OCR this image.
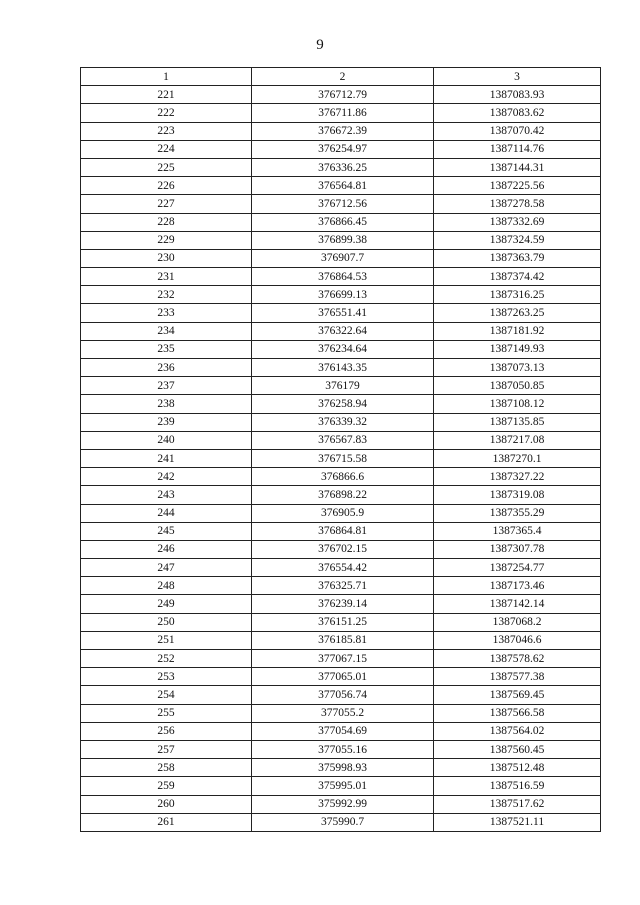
9
1	2	3
221	376712.79	1387083.93
222	376711.86	1387083.62
223	376672.39	1387070.42
224	376254.97	1387114.76
225	376336.25	1387144.31
226	376564.81	1387225.56
227	376712.56	1387278.58
228	376866.45	1387332.69
229	376899.38	1387324.59
230	376907.7	1387363.79
231	376864.53	1387374.42
232	376699.13	1387316.25
233	376551.41	1387263.25
234	376322.64	1387181.92
235	376234.64	1387149.93
236	376143.35	1387073.13
237	376179	1387050.85
238	376258.94	1387108.12
239	376339.32	1387135.85
240	376567.83	1387217.08
241	376715.58	1387270.1
242	376866.6	1387327.22
243	376898.22	1387319.08
244	376905.9	1387355.29
245	376864.81	1387365.4
246	376702.15	1387307.78
247	376554.42	1387254.77
248	376325.71	1387173.46
249	376239.14	1387142.14
250	376151.25	1387068.2
251	376185.81	1387046.6
252	377067.15	1387578.62
253	377065.01	1387577.38
254	377056.74	1387569.45
255	377055.2	1387566.58
256	377054.69	1387564.02
257	377055.16	1387560.45
258	375998.93	1387512.48
259	375995.01	1387516.59
260	375992.99	1387517.62
261	375990.7	1387521.11
